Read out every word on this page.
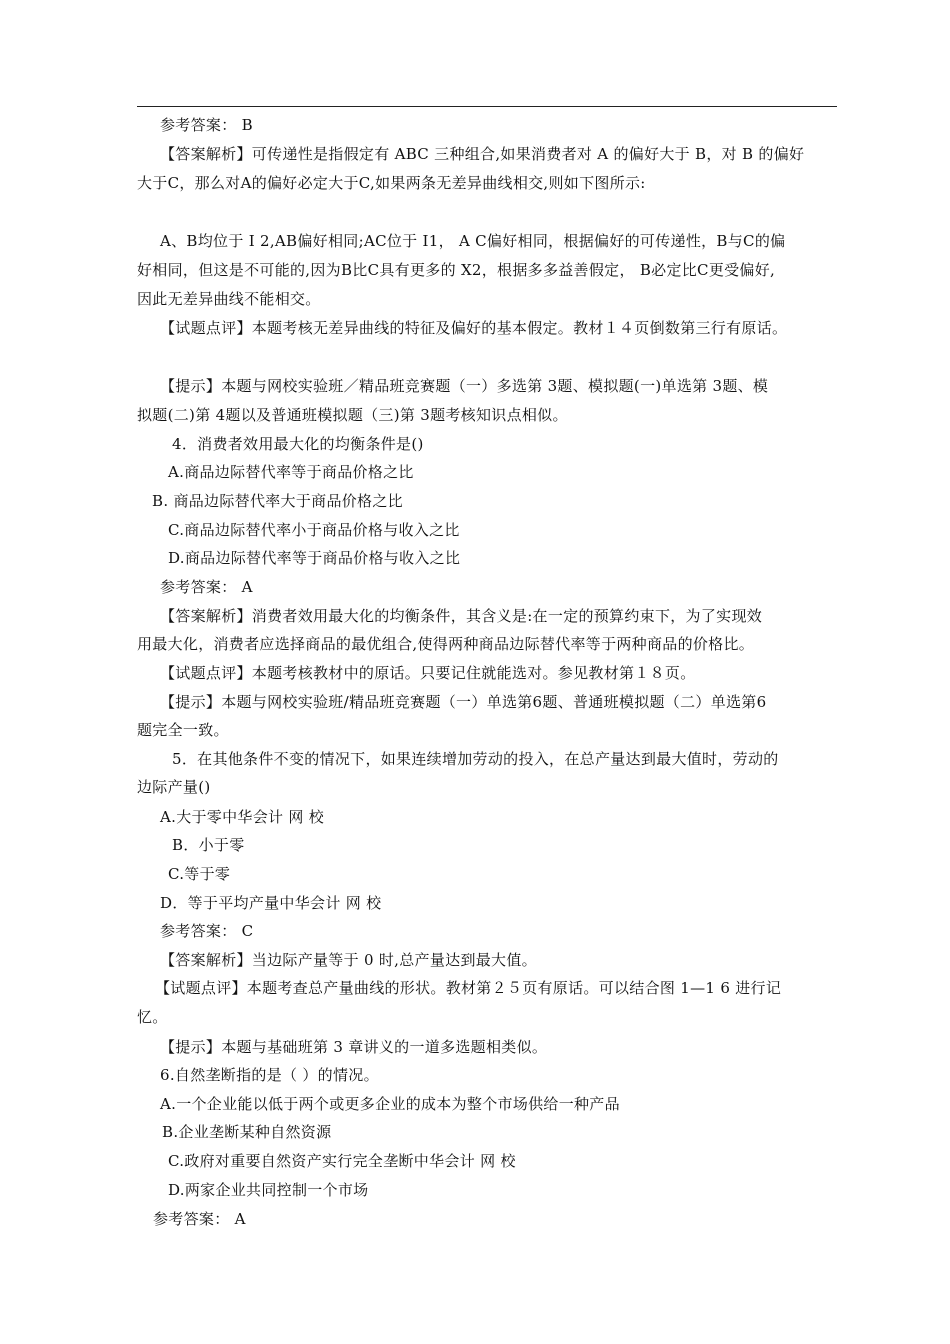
参考答案： B
【答案解析】可传递性是指假定有 ABC 三种组合,如果消费者对 A 的偏好大于 B，对 B 的偏好
大于C，那么对A的偏好必定大于C,如果两条无差异曲线相交,则如下图所示:
A、B均位于 I 2,AB偏好相同;AC位于 I1， A C偏好相同，根据偏好的可传递性，B与C的偏
好相同，但这是不可能的,因为B比C具有更多的 X2，根据多多益善假定， B必定比C更受偏好,
因此无差异曲线不能相交。
【试题点评】本题考核无差异曲线的特征及偏好的基本假定。教材１４页倒数第三行有原话。
【提示】本题与网校实验班／精品班竞赛题（一）多选第 3题、模拟题(一)单选第 3题、模
拟题(二)第 4题以及普通班模拟题（三)第 3题考核知识点相似。
4．消费者效用最大化的均衡条件是()
A.商品边际替代率等于商品价格之比
B. 商品边际替代率大于商品价格之比
C.商品边际替代率小于商品价格与收入之比
D.商品边际替代率等于商品价格与收入之比
参考答案： A
【答案解析】消费者效用最大化的均衡条件，其含义是:在一定的预算约束下，为了实现效
用最大化，消费者应选择商品的最优组合,使得两种商品边际替代率等于两种商品的价格比。
【试题点评】本题考核教材中的原话。只要记住就能选对。参见教材第１８页。
【提示】本题与网校实验班/精品班竞赛题（一）单选第6题、普通班模拟题（二）单选第6
题完全一致。
5．在其他条件不变的情况下，如果连续增加劳动的投入，在总产量达到最大值时，劳动的
边际产量()
A.大于零中华会计 网 校
B．小于零
C.等于零
D．等于平均产量中华会计 网 校
参考答案： C
【答案解析】当边际产量等于 0 时,总产量达到最大值。
【试题点评】本题考查总产量曲线的形状。教材第２５页有原话。可以结合图 1—1 6 进行记
忆。
【提示】本题与基础班第 3 章讲义的一道多选题相类似。
6.自然垄断指的是（ ）的情况。
A.一个企业能以低于两个或更多企业的成本为整个市场供给一种产品
B.企业垄断某种自然资源
C.政府对重要自然资产实行完全垄断中华会计 网 校
D.两家企业共同控制一个市场
参考答案： A
